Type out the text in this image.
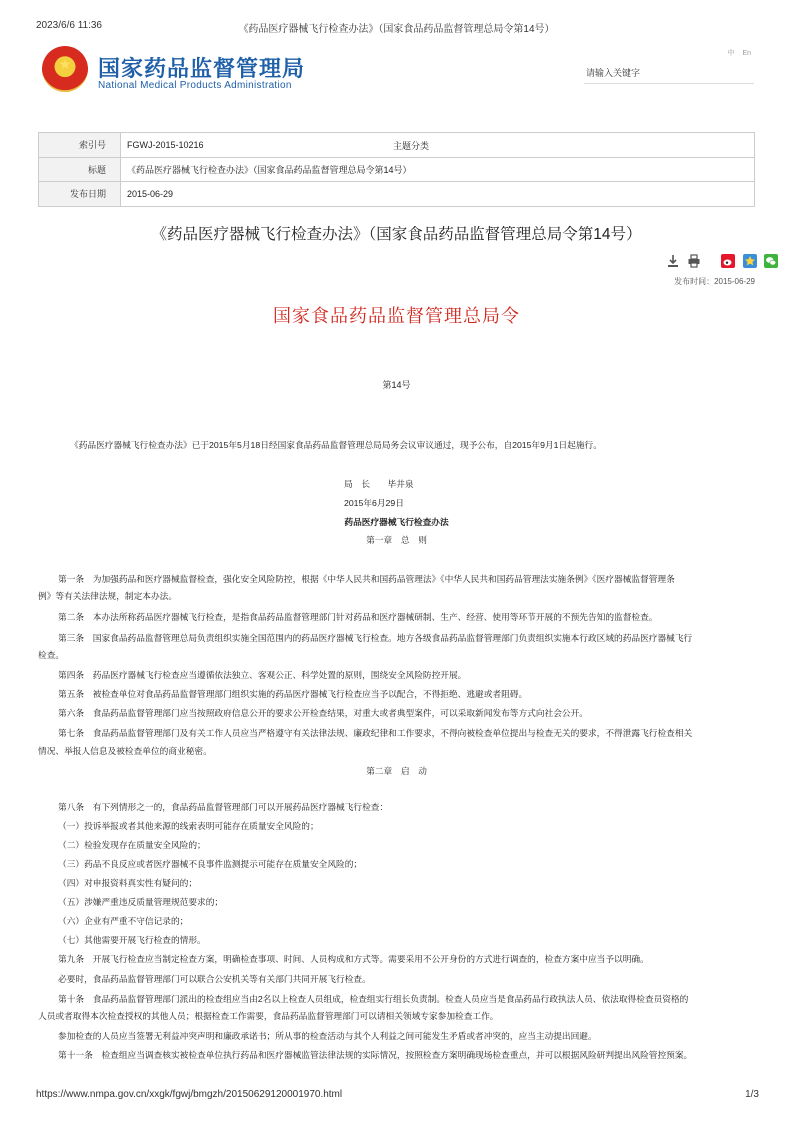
2023/6/6 11:36	《药品医疗器械飞行检查办法》（国家食品药品监督管理总局令第14号）
★	国家药品监督管理局
National Medical Products Administration
中 En
请输入关键字
索引号	FGWJ-2015-10216 主题分类

标题	《药品医疗器械飞行检查办法》（国家食品药品监督管理总局令第14号）
发布日期	2015-06-29
《药品医疗器械飞行检查办法》（国家食品药品监督管理总局令第14号）

发布时间：2015-06-29
国家食品药品监督管理总局令
第14号
《药品医疗器械飞行检查办法》已于2015年5月18日经国家食品药品监督管理总局局务会议审议通过，现予公布，自2015年9月1日起施行。
局　长　　毕井泉
2015年6月29日
药品医疗器械飞行检查办法
第一章　总　则
第一条　为加强药品和医疗器械监督检查，强化安全风险防控，根据《中华人民共和国药品管理法》《中华人民共和国药品管理法实施条例》《医疗器械监督管理条
例》等有关法律法规，制定本办法。
第二条　本办法所称药品医疗器械飞行检查，是指食品药品监督管理部门针对药品和医疗器械研制、生产、经营、使用等环节开展的不预先告知的监督检查。
第三条　国家食品药品监督管理总局负责组织实施全国范围内的药品医疗器械飞行检查。地方各级食品药品监督管理部门负责组织实施本行政区域的药品医疗器械飞行
检查。
第四条　药品医疗器械飞行检查应当遵循依法独立、客观公正、科学处置的原则，围绕安全风险防控开展。
第五条　被检查单位对食品药品监督管理部门组织实施的药品医疗器械飞行检查应当予以配合，不得拒绝、逃避或者阻碍。
第六条　食品药品监督管理部门应当按照政府信息公开的要求公开检查结果，对重大或者典型案件，可以采取新闻发布等方式向社会公开。
第七条　食品药品监督管理部门及有关工作人员应当严格遵守有关法律法规、廉政纪律和工作要求，不得向被检查单位提出与检查无关的要求，不得泄露飞行检查相关
情况、举报人信息及被检查单位的商业秘密。
第二章　启　动
第八条　有下列情形之一的，食品药品监督管理部门可以开展药品医疗器械飞行检查：
（一）投诉举报或者其他来源的线索表明可能存在质量安全风险的；
（二）检验发现存在质量安全风险的；
（三）药品不良反应或者医疗器械不良事件监测提示可能存在质量安全风险的；
（四）对申报资料真实性有疑问的；
（五）涉嫌严重违反质量管理规范要求的；
（六）企业有严重不守信记录的；
（七）其他需要开展飞行检查的情形。
第九条　开展飞行检查应当制定检查方案，明确检查事项、时间、人员构成和方式等。需要采用不公开身份的方式进行调查的，检查方案中应当予以明确。
必要时，食品药品监督管理部门可以联合公安机关等有关部门共同开展飞行检查。
第十条　食品药品监督管理部门派出的检查组应当由2名以上检查人员组成，检查组实行组长负责制。检查人员应当是食品药品行政执法人员、依法取得检查员资格的
人员或者取得本次检查授权的其他人员；根据检查工作需要，食品药品监督管理部门可以请相关领域专家参加检查工作。
参加检查的人员应当签署无利益冲突声明和廉政承诺书；所从事的检查活动与其个人利益之间可能发生矛盾或者冲突的，应当主动提出回避。
第十一条　检查组应当调查核实被检查单位执行药品和医疗器械监管法律法规的实际情况，按照检查方案明确现场检查重点，并可以根据风险研判提出风险管控预案。
https://www.nmpa.gov.cn/xxgk/fgwj/bmgzh/20150629120001970.html	1/3
